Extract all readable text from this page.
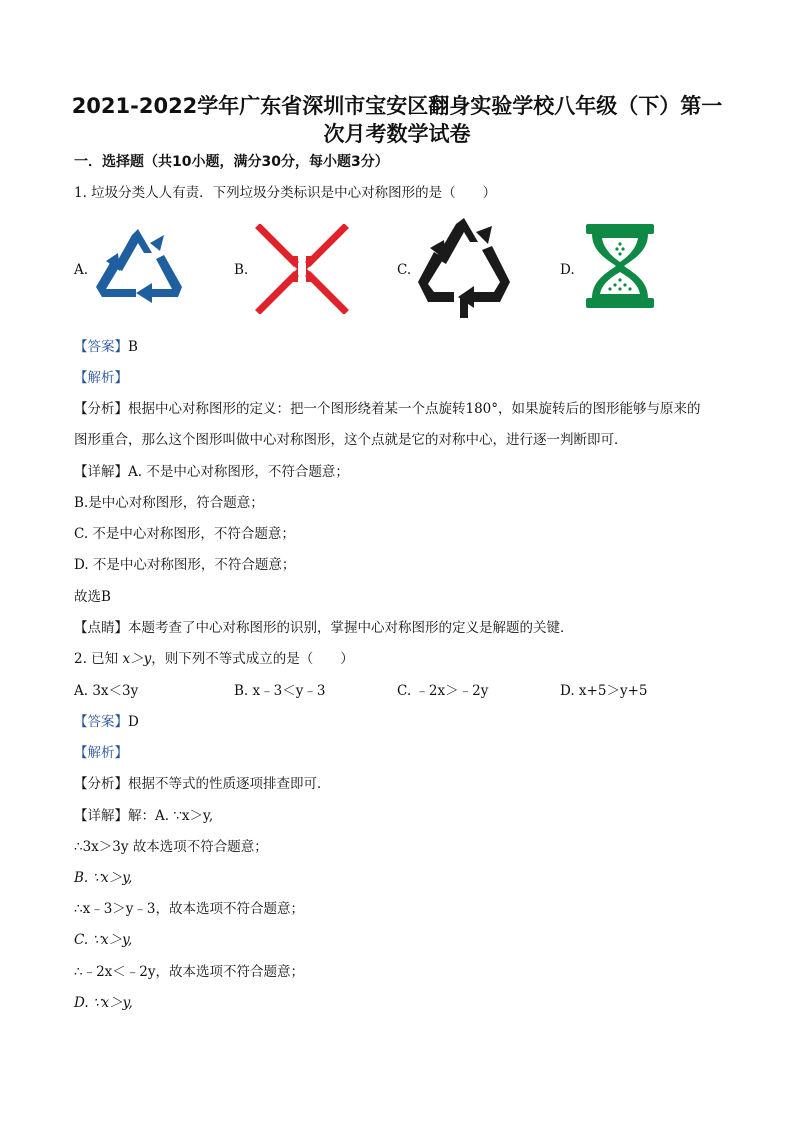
2021-2022学年广东省深圳市宝安区翻身实验学校八年级（下）第一
次月考数学试卷
一．选择题（共10小题，满分30分，每小题3分）
1. 垃圾分类人人有责．下列垃圾分类标识是中心对称图形的是（　　）
A.	B.	C.	D.
【答案】B
【解析】
【分析】根据中心对称图形的定义：把一个图形绕着某一个点旋转180°，如果旋转后的图形能够与原来的
图形重合，那么这个图形叫做中心对称图形，这个点就是它的对称中心，进行逐一判断即可．
【详解】A. 不是中心对称图形，不符合题意；
B.是中心对称图形，符合题意；
C. 不是中心对称图形，不符合题意；
D. 不是中心对称图形，不符合题意；
故选B
【点睛】本题考查了中心对称图形的识别，掌握中心对称图形的定义是解题的关键．
2. 已知 x＞y，则下列不等式成立的是（　　）
A. 3x＜3y	B. x﹣3＜y﹣3	C. ﹣2x＞﹣2y	D. x+5＞y+5
【答案】D
【解析】
【分析】根据不等式的性质逐项排查即可．
【详解】解：A. ∵x＞y,
∴3x＞3y 故本选项不符合题意；
B. ∵x＞y,
∴x﹣3＞y﹣3，故本选项不符合题意；
C. ∵x＞y,
∴﹣2x＜﹣2y，故本选项不符合题意；
D. ∵x＞y,
